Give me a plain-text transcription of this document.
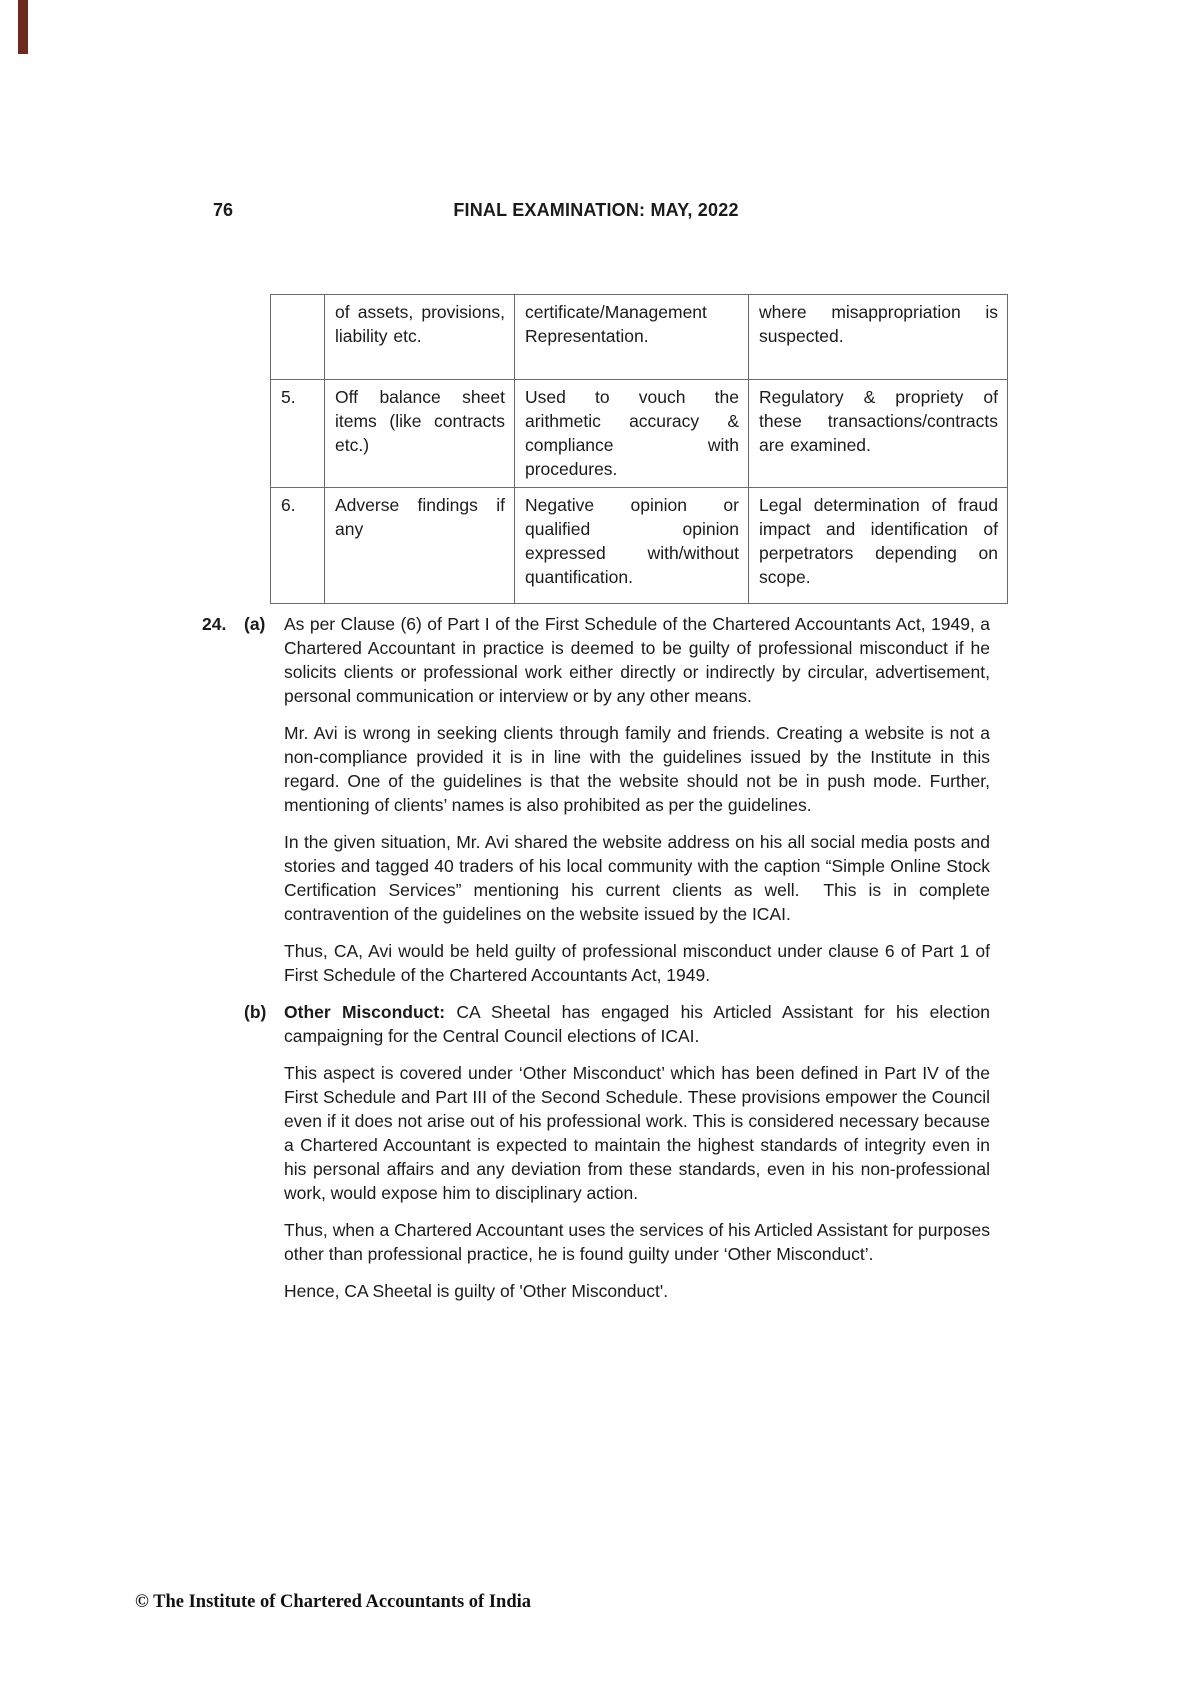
76	FINAL EXAMINATION: MAY, 2022
	of assets, provisions, liability etc.	certificate/Management Representation.	where misappropriation is suspected.
5.	Off balance sheet items (like contracts etc.)	Used to vouch the arithmetic accuracy & compliance with procedures.	Regulatory & propriety of these transactions/contracts are examined.
6.	Adverse findings if any	Negative opinion or qualified opinion expressed with/without quantification.	Legal determination of fraud impact and identification of perpetrators depending on scope.
24.	(a)	As per Clause (6) of Part I of the First Schedule of the Chartered Accountants Act, 1949, a Chartered Accountant in practice is deemed to be guilty of professional misconduct if he solicits clients or professional work either directly or indirectly by circular, advertisement, personal communication or interview or by any other means.

Mr. Avi is wrong in seeking clients through family and friends. Creating a website is not a non-compliance provided it is in line with the guidelines issued by the Institute in this regard. One of the guidelines is that the website should not be in push mode. Further, mentioning of clients’ names is also prohibited as per the guidelines.

In the given situation, Mr. Avi shared the website address on his all social media posts and stories and tagged 40 traders of his local community with the caption “Simple Online Stock Certification Services” mentioning his current clients as well.  This is in complete contravention of the guidelines on the website issued by the ICAI.

Thus, CA, Avi would be held guilty of professional misconduct under clause 6 of Part 1 of First Schedule of the Chartered Accountants Act, 1949.

(b)	Other Misconduct: CA Sheetal has engaged his Articled Assistant for his election campaigning for the Central Council elections of ICAI.

This aspect is covered under ‘Other Misconduct’ which has been defined in Part IV of the First Schedule and Part III of the Second Schedule. These provisions empower the Council even if it does not arise out of his professional work. This is considered necessary because a Chartered Accountant is expected to maintain the highest standards of integrity even in his personal affairs and any deviation from these standards, even in his non-professional work, would expose him to disciplinary action.

Thus, when a Chartered Accountant uses the services of his Articled Assistant for purposes other than professional practice, he is found guilty under ‘Other Misconduct’.

Hence, CA Sheetal is guilty of 'Other Misconduct'.

© The Institute of Chartered Accountants of India
